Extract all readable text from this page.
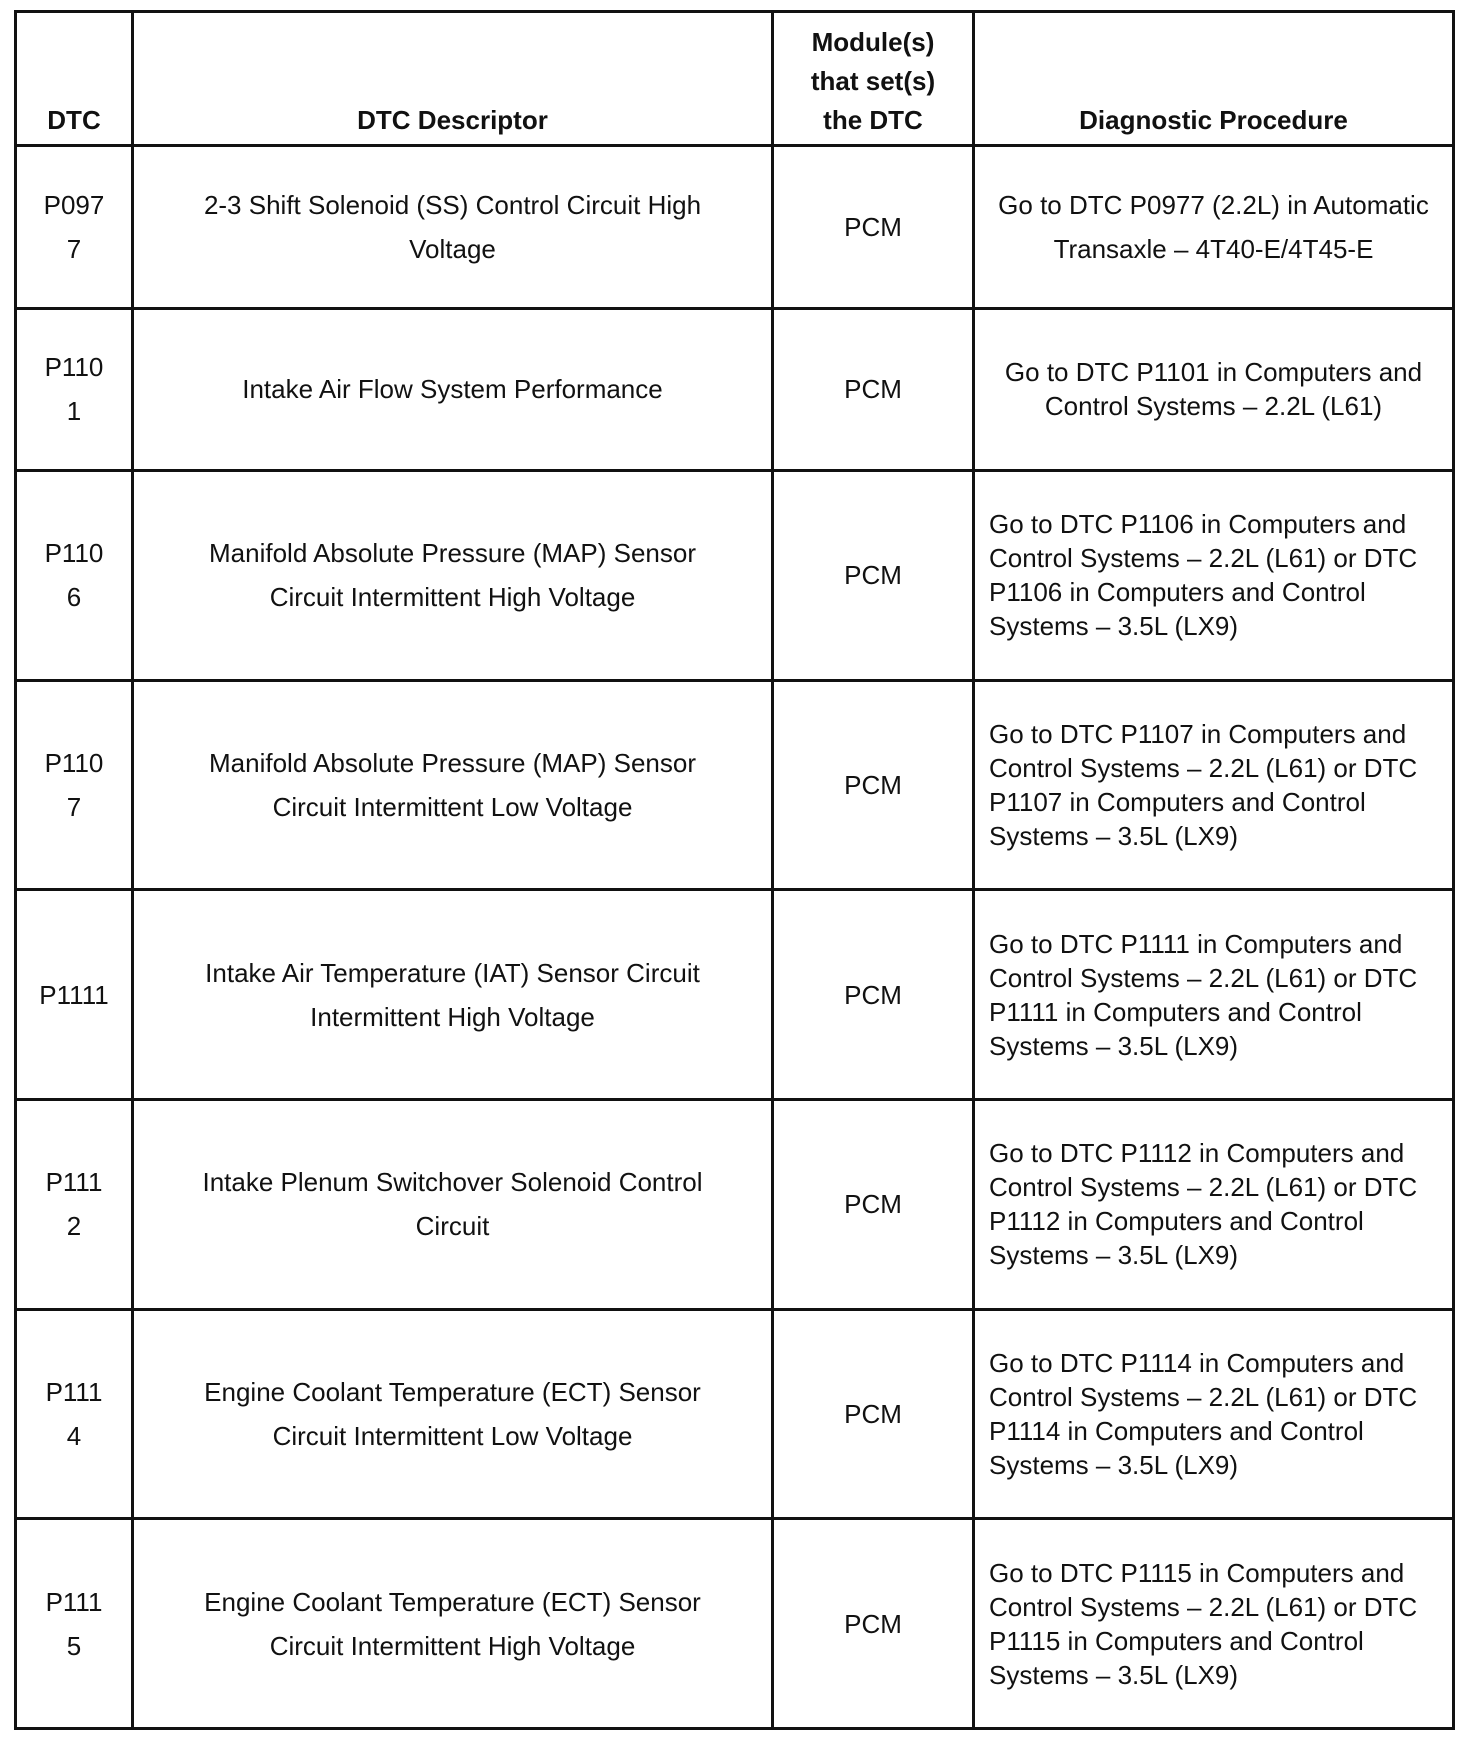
DTC	DTC Descriptor	Module(s) that set(s) the DTC	Diagnostic Procedure
P0977	2-3 Shift Solenoid (SS) Control Circuit High Voltage	PCM	Go to DTC P0977 (2.2L) in Automatic Transaxle – 4T40-E/4T45-E

P1101	Intake Air Flow System Performance	PCM	Go to DTC P1101 in Computers and Control Systems – 2.2L (L61)

P1106	Manifold Absolute Pressure (MAP) Sensor Circuit Intermittent High Voltage	PCM	Go to DTC P1106 in Computers and Control Systems – 2.2L (L61) or DTC P1106 in Computers and Control Systems – 3.5L (LX9)

P1107	Manifold Absolute Pressure (MAP) Sensor Circuit Intermittent Low Voltage	PCM	Go to DTC P1107 in Computers and Control Systems – 2.2L (L61) or DTC P1107 in Computers and Control Systems – 3.5L (LX9)

P1111	Intake Air Temperature (IAT) Sensor Circuit Intermittent High Voltage	PCM	Go to DTC P1111 in Computers and Control Systems – 2.2L (L61) or DTC P1111 in Computers and Control Systems – 3.5L (LX9)

P1112	Intake Plenum Switchover Solenoid Control Circuit	PCM	Go to DTC P1112 in Computers and Control Systems – 2.2L (L61) or DTC P1112 in Computers and Control Systems – 3.5L (LX9)

P1114	Engine Coolant Temperature (ECT) Sensor Circuit Intermittent Low Voltage	PCM	Go to DTC P1114 in Computers and Control Systems – 2.2L (L61) or DTC P1114 in Computers and Control Systems – 3.5L (LX9)

P1115	Engine Coolant Temperature (ECT) Sensor Circuit Intermittent High Voltage	PCM	Go to DTC P1115 in Computers and Control Systems – 2.2L (L61) or DTC P1115 in Computers and Control Systems – 3.5L (LX9)
